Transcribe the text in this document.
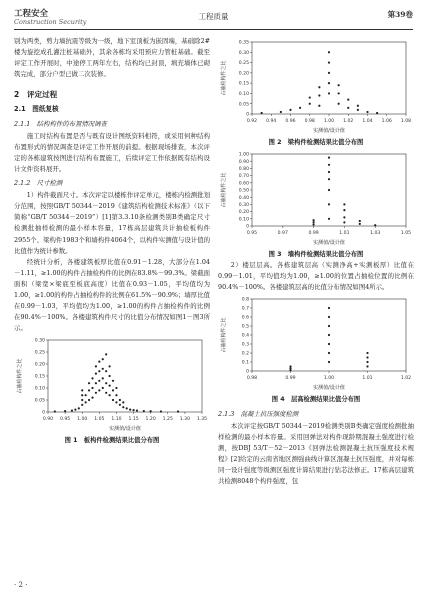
工程安全
Construction Security
工程质量	第39卷

别为两类，剪力墙抗震等级为一级，地下室顶板为嵌固端，基础除2#楼为旋挖成孔灌注桩基础外，其余各栋均采用预应力管桩基础。截至评定工作开展时，中途停工两年左右，结构均已封顶，填充墙体已砌筑完成，部分户型已做二次装修。

2　评定过程
2.1　图纸复核
2.1.1　结构构件的布置情况调查

施工时结构布置是否与既有设计图纸资料相符，或采用何种结构布置形式的情况调查是评定工作开展的前提。根据现场排查，本次评定的各栋建筑按图进行结构布置施工，后续评定工作依据既有结构设计文件资料展开。

2.1.2　尺寸检测

1）构件截面尺寸。本次评定以楼栋作评定单元，楼栋内检测批划分范围，按照GB/T 50344－2019《建筑结构检测技术标准》（以下简称“GB/T 50344－2019”）[1]第3.3.10条检测类别B类确定尺寸检测批抽样检测的最小样本容量，17栋高层建筑共计抽检板构件2955个、梁构件1983个和墙构件4064个，以构件实测值与设计值的比值作为统计参数。

经统计分析，各楼建筑板厚比值在0.91－1.28，大部分在1.04－1.11，≥1.00的构件占抽检构件的比例在83.8%－99.3%。梁截面面积（梁宽×梁底至板底高度）比值在0.93－1.05，平均值均为1.00，≥1.00的构件占抽检构件的比例在61.5%－90.9%；墙厚比值在0.99－1.03，平均值均为1.00，≥1.00的构件占抽检构件的比例在90.4%－100%。各楼建筑构件尺寸的比值分布情况如图1－图3所示。

0.90 0.95 1.00 1.05 1.10 1.15 1.20 1.25 1.30 1.35
0
0.05
0.10
0.15
0.20
0.25
0.30
实测值/设计值
占抽检构件之比
图 1　板构件检测结果比值分布图
0.92 0.94 0.96 0.98 1.00 1.02 1.04 1.06 1.08
0
0.05
0.10
0.15
0.20
0.25
0.30
0.35
实测值/设计值
占抽检构件之比
图 2　梁构件检测结果比值分布图
0.95	0.97	0.99	1.01	1.03	1.05
0
0.10
0.20
0.30
0.40
0.50
0.60
0.70
0.80
0.90
1.00
实测值/设计值
占抽检构件之比
图 3　墙构件检测结果比值分布图

2）楼层层高。各栋建筑层高（实测净高+实测板厚）比值在0.99－1.01，平均值均为1.00，≥1.00的位置占抽检位置的比例在90.4%－100%。各楼建筑层高的比值分布情况如图4所示。

0.98	0.99	1.00	1.01	1.02
0
0.1
0.2
0.3
0.4
0.5
0.6
0.7
0.8
实测值/设计值
占抽检构件之比
图 4　层高检测结果比值分布图
2.1.3　混凝土抗压强度检测

本次评定按GB/T 50344－2019检测类别B类确定强度检测批抽样检测的最小样本容量。采用回弹法对构件现龄期混凝土强度进行检测，按DBJ 53/T－52－2013《回弹法检测混凝土抗压强度技术规程》[2]给定的云南省地区测强曲线计算区混凝土抗压强度，并对每栋同一设计强度等级测区强度计算结果进行钻芯法修正。17栋高层建筑共检测8048个构件强度，包

· 2 ·
